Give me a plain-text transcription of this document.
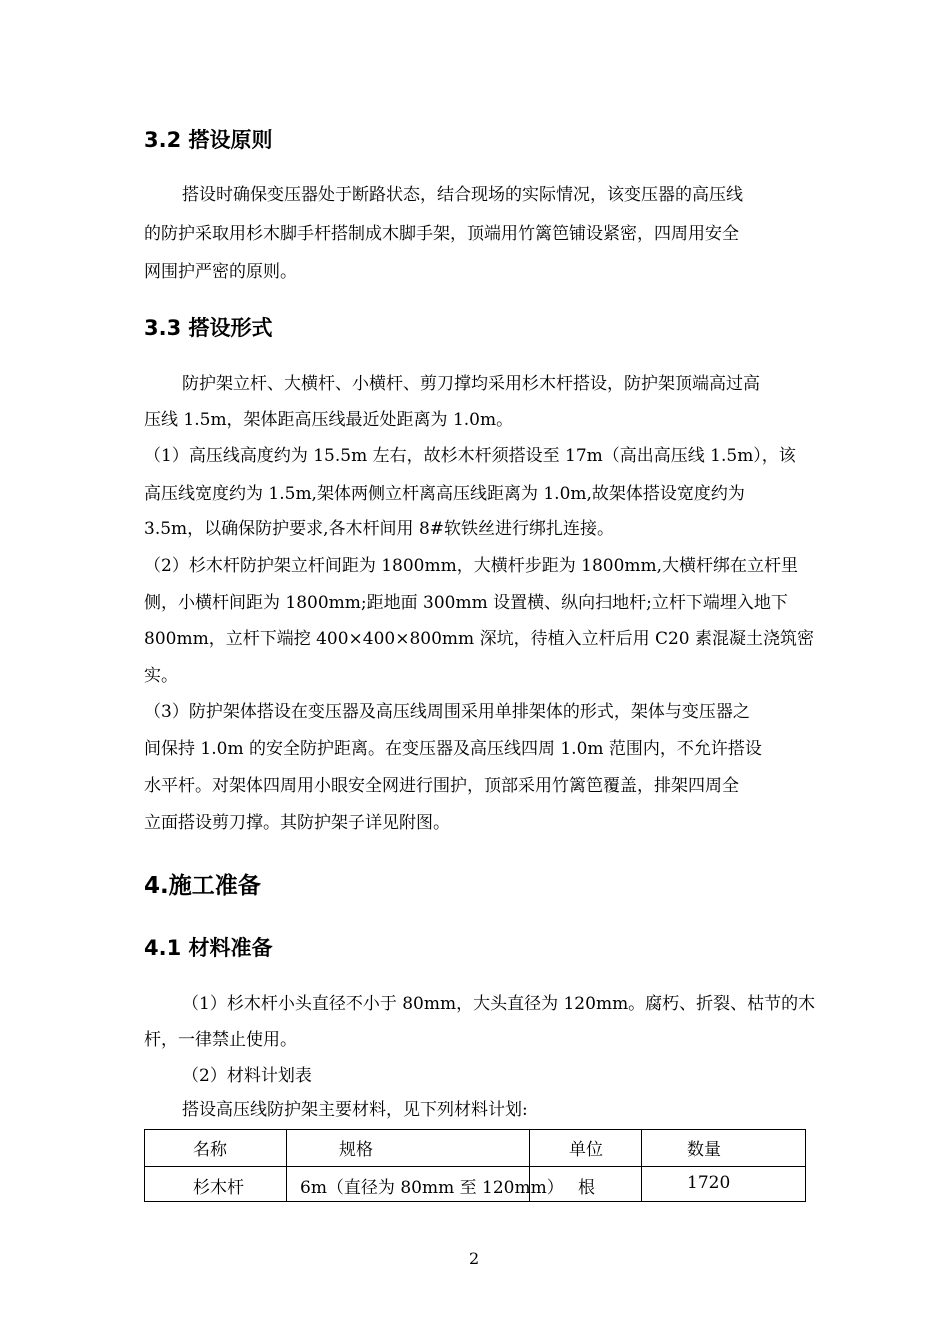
3.2 搭设原则
搭设时确保变压器处于断路状态，结合现场的实际情况，该变压器的高压线
的防护采取用杉木脚手杆搭制成木脚手架，顶端用竹篱笆铺设紧密，四周用安全
网围护严密的原则。
3.3 搭设形式
防护架立杆、大横杆、小横杆、剪刀撑均采用杉木杆搭设，防护架顶端高过高
压线 1.5m，架体距高压线最近处距离为 1.0m。
（1）高压线高度约为 15.5m 左右，故杉木杆须搭设至 17m（高出高压线 1.5m），该
高压线宽度约为 1.5m,架体两侧立杆离高压线距离为 1.0m,故架体搭设宽度约为
3.5m，以确保防护要求,各木杆间用 8#软铁丝进行绑扎连接。
（2）杉木杆防护架立杆间距为 1800mm，大横杆步距为 1800mm,大横杆绑在立杆里
侧，小横杆间距为 1800mm;距地面 300mm 设置横、纵向扫地杆;立杆下端埋入地下
800mm，立杆下端挖 400×400×800mm 深坑，待植入立杆后用 C20 素混凝土浇筑密
实。
（3）防护架体搭设在变压器及高压线周围采用单排架体的形式，架体与变压器之
间保持 1.0m 的安全防护距离。在变压器及高压线四周 1.0m 范围内，不允许搭设
水平杆。对架体四周用小眼安全网进行围护，顶部采用竹篱笆覆盖，排架四周全
立面搭设剪刀撑。其防护架子详见附图。
4.施工准备
4.1 材料准备
（1）杉木杆小头直径不小于 80mm，大头直径为 120mm。腐朽、折裂、枯节的木
杆，一律禁止使用。
（2）材料计划表
搭设高压线防护架主要材料，见下列材料计划:
名称	规格	单位	数量
杉木杆	6m（直径为 80mm 至 120mm） 根	1720
2
